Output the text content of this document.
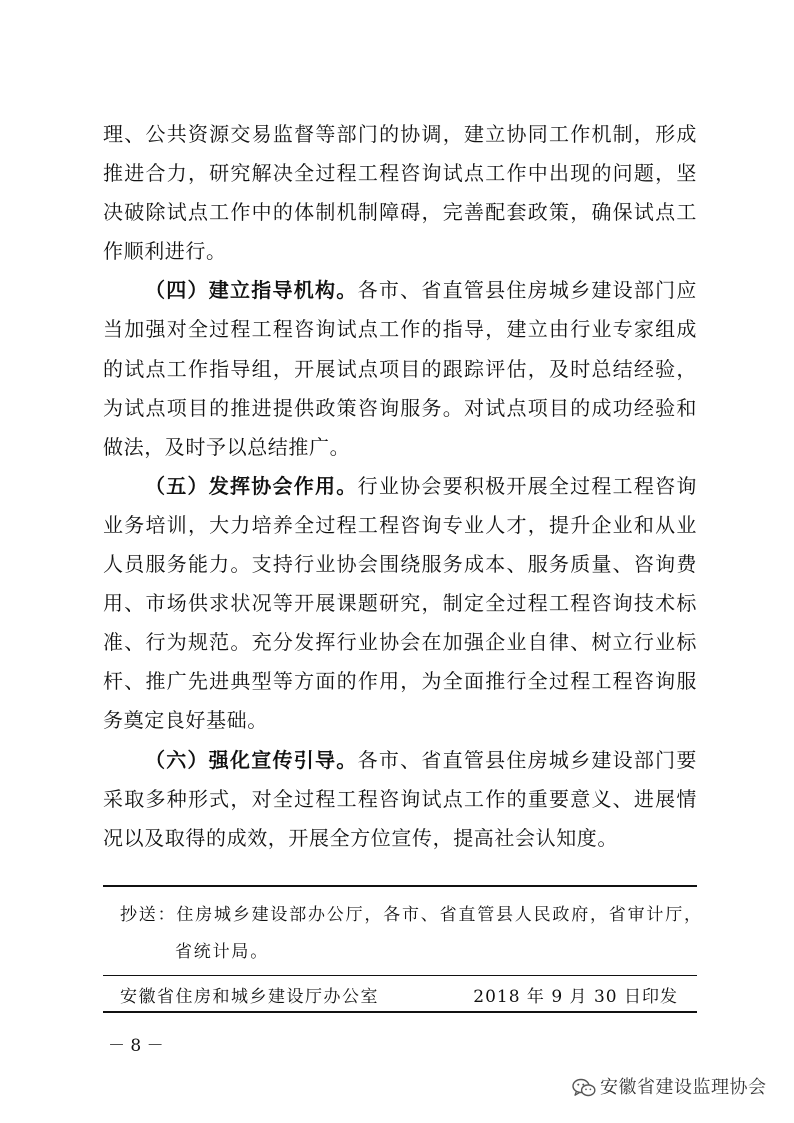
理、公共资源交易监督等部门的协调，建立协同工作机制，形成
推进合力，研究解决全过程工程咨询试点工作中出现的问题，坚
决破除试点工作中的体制机制障碍，完善配套政策，确保试点工
作顺利进行。
（四）建立指导机构。各市、省直管县住房城乡建设部门应
当加强对全过程工程咨询试点工作的指导，建立由行业专家组成
的试点工作指导组，开展试点项目的跟踪评估，及时总结经验，
为试点项目的推进提供政策咨询服务。对试点项目的成功经验和
做法，及时予以总结推广。
（五）发挥协会作用。行业协会要积极开展全过程工程咨询
业务培训，大力培养全过程工程咨询专业人才，提升企业和从业
人员服务能力。支持行业协会围绕服务成本、服务质量、咨询费
用、市场供求状况等开展课题研究，制定全过程工程咨询技术标
准、行为规范。充分发挥行业协会在加强企业自律、树立行业标
杆、推广先进典型等方面的作用，为全面推行全过程工程咨询服
务奠定良好基础。
（六）强化宣传引导。各市、省直管县住房城乡建设部门要
采取多种形式，对全过程工程咨询试点工作的重要意义、进展情
况以及取得的成效，开展全方位宣传，提高社会认知度。
抄送：住房城乡建设部办公厅，各市、省直管县人民政府，省审计厅，
省统计局。
安徽省住房和城乡建设厅办公室	2018 年 9 月 30 日印发
－ 8 －
安徽省建设监理协会
